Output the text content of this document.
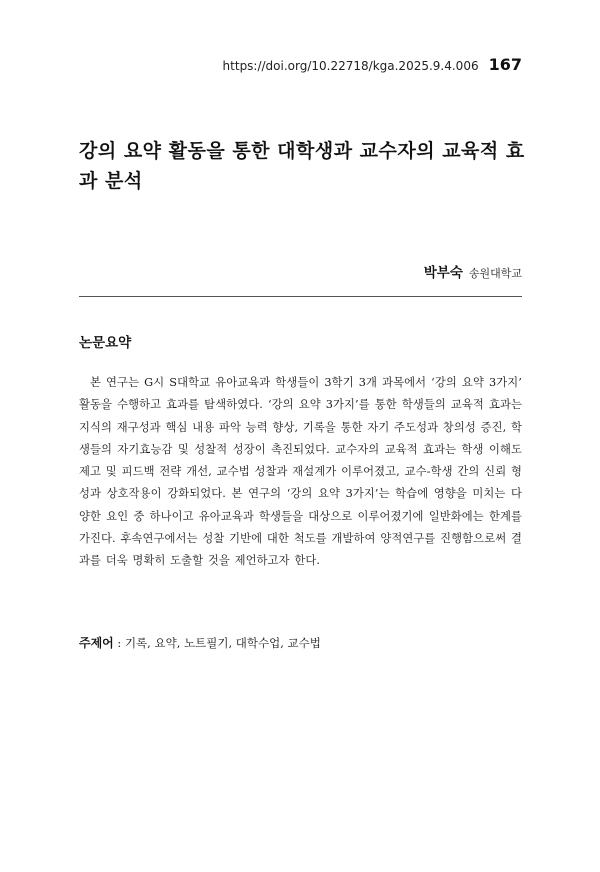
https://doi.org/10.22718/kga.2025.9.4.006 167
강의 요약 활동을 통한 대학생과 교수자의 교육적 효과 분석
박부숙 송원대학교
논문요약

본 연구는 G시 S대학교 유아교육과 학생들이 3학기 3개 과목에서 ‘강의 요약 3가지’ 활동을 수행하고 효과를 탐색하였다. ‘강의 요약 3가지’를 통한 학생들의 교육적 효과는 지식의 재구성과 핵심 내용 파악 능력 향상, 기록을 통한 자기 주도성과 창의성 증진, 학생들의 자기효능감 및 성찰적 성장이 촉진되었다. 교수자의 교육적 효과는 학생 이해도 제고 및 피드백 전략 개선, 교수법 성찰과 재설계가 이루어졌고, 교수-학생 간의 신뢰 형성과 상호작용이 강화되었다. 본 연구의 ‘강의 요약 3가지’는 학습에 영향을 미치는 다양한 요인 중 하나이고 유아교육과 학생들을 대상으로 이루어졌기에 일반화에는 한계를 가진다. 후속연구에서는 성찰 기반에 대한 척도를 개발하여 양적연구를 진행함으로써 결과를 더욱 명확히 도출할 것을 제언하고자 한다.

주제어 : 기록, 요약, 노트필기, 대학수업, 교수법
